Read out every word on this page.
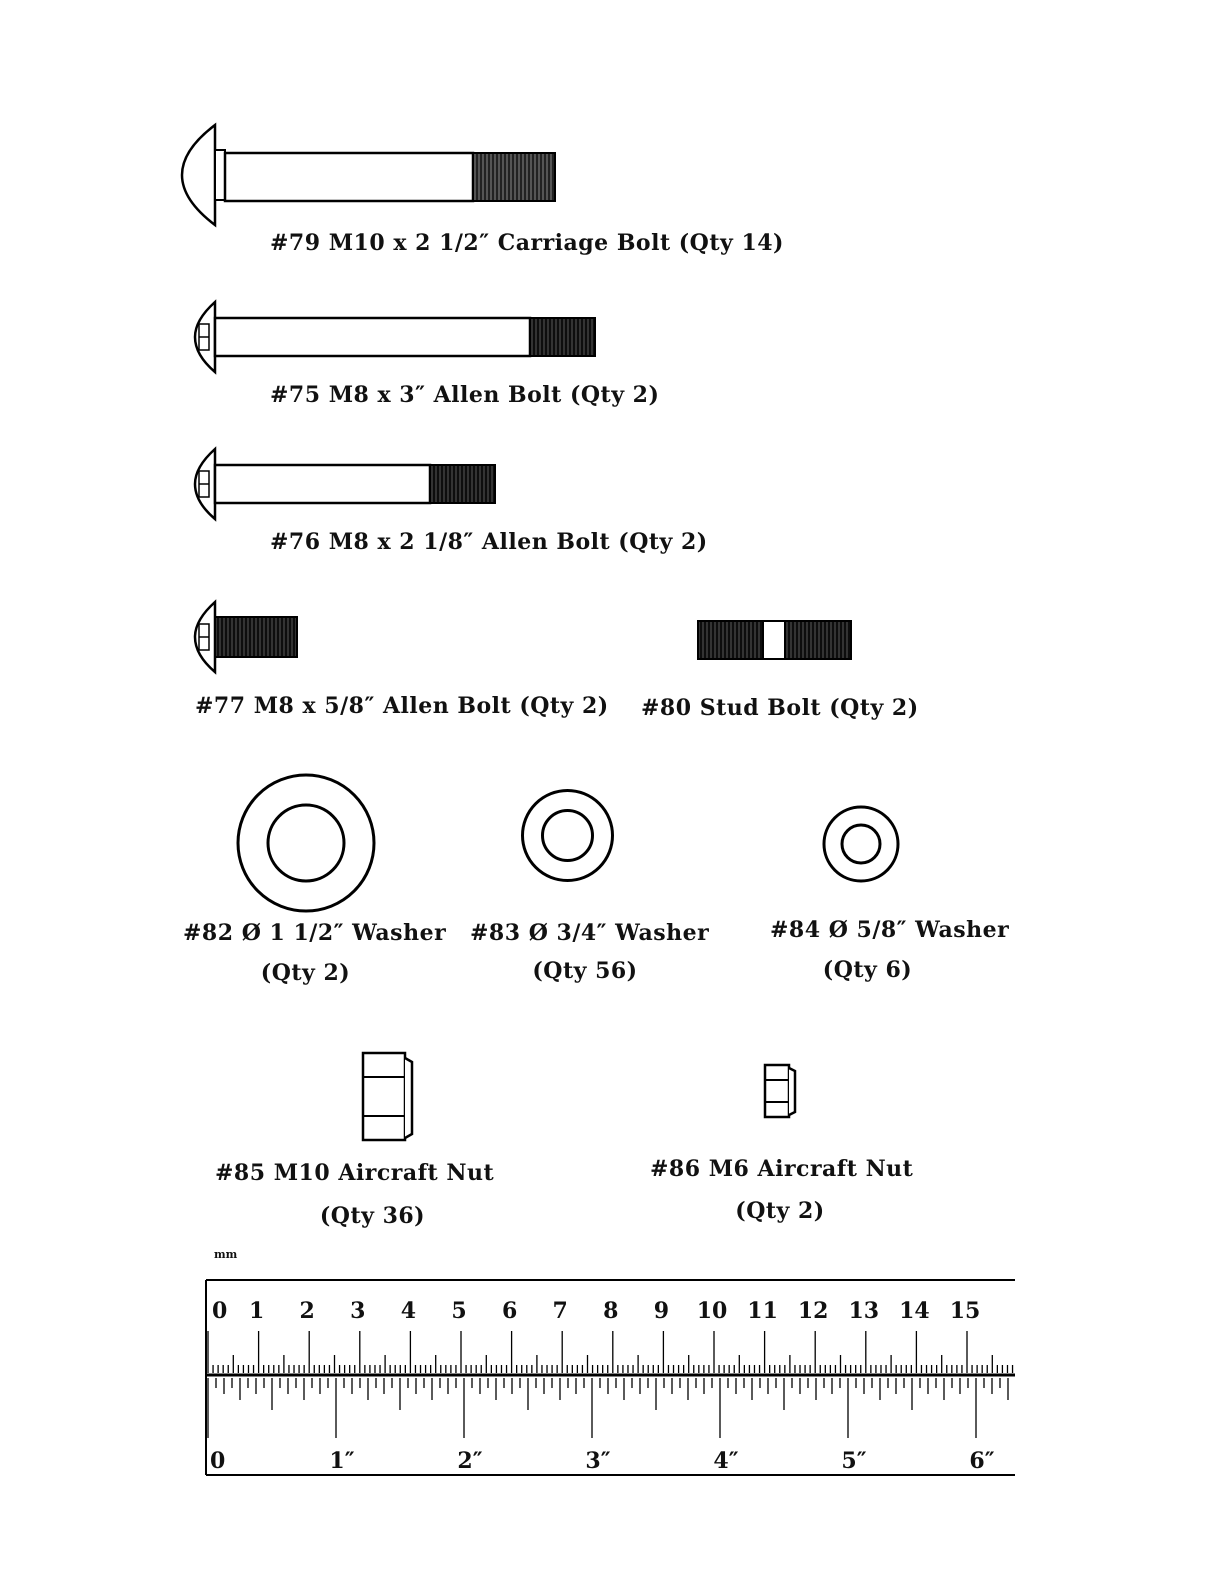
#79 M10 x 2 1/2″ Carriage Bolt (Qty 14)
#75 M8 x 3″ Allen Bolt (Qty 2)
#76 M8 x 2 1/8″ Allen Bolt (Qty 2)
#77 M8 x 5/8″ Allen Bolt (Qty 2) #80 Stud Bolt (Qty 2)
#82 Ø 1 1/2″ Washer
(Qty 2)
#83 Ø 3/4″ Washer
(Qty 56)
#84 Ø 5/8″ Washer
(Qty 6)
#85 M10 Aircraft Nut
(Qty 36)
#86 M6 Aircraft Nut
(Qty 2)
mm
0 1 2 3 4 5 6 7 8 9 10 11 12 13 14 15
0	1″	2″	3″	4″	5″	6″
